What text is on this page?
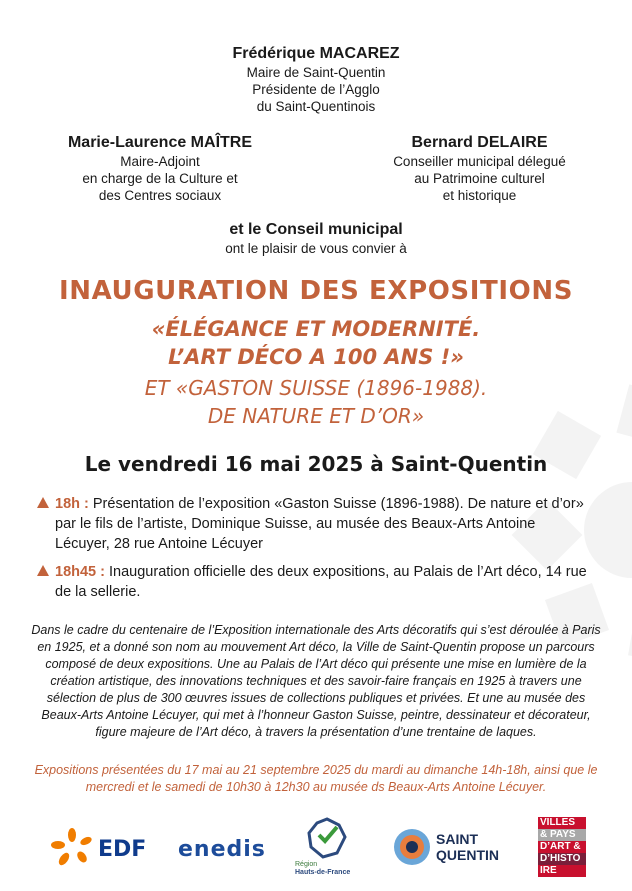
Frédérique MACAREZ
Maire de Saint-Quentin
Présidente de l’Agglo
du Saint-Quentinois
Marie-Laurence MAÎTRE
Maire-Adjoint
en charge de la Culture et
des Centres sociaux
Bernard DELAIRE
Conseiller municipal délegué
au Patrimoine culturel
et historique
et le Conseil municipal
ont le plaisir de vous convier à
INAUGURATION DES EXPOSITIONS
«ÉLÉGANCE ET MODERNITÉ.
L’ART DÉCO A 100 ANS !»
ET «GASTON SUISSE (1896-1988).
DE NATURE ET D’OR»
Le vendredi 16 mai 2025 à Saint-Quentin
18h : Présentation de l’exposition «Gaston Suisse (1896-1988). De nature et d’or» par le fils de l’artiste, Dominique Suisse, au musée des Beaux-Arts Antoine Lécuyer, 28 rue Antoine Lécuyer
18h45 : Inauguration officielle des deux expositions, au Palais de l’Art déco, 14 rue de la sellerie.
Dans le cadre du centenaire de l’Exposition internationale des Arts décoratifs qui s’est déroulée à Paris en 1925, et a donné son nom au mouvement Art déco, la Ville de Saint-Quentin propose un parcours composé de deux expositions. Une au Palais de l’Art déco qui présente une mise en lumière de la création artistique, des innovations techniques et des savoir-faire français en 1925 à travers une sélection de plus de 300 œuvres issues de collections publiques et privées. Et une au musée des Beaux-Arts Antoine Lécuyer, qui met à l’honneur Gaston Suisse, peintre, dessinateur et décorateur, figure majeure de l’Art déco, à travers la présentation d’une trentaine de laques.
Expositions présentées du 17 mai au 21 septembre 2025 du mardi au dimanche 14h-18h, ainsi que le mercredi et le samedi de 10h30 à 12h30 au musée ds Beaux-Arts Antoine Lécuyer.
EDF enedis
Région
Hauts-de-France
SAINT
QUENTIN
VILLES
& PAYS
D’ART &
D’HISTO
IRE
